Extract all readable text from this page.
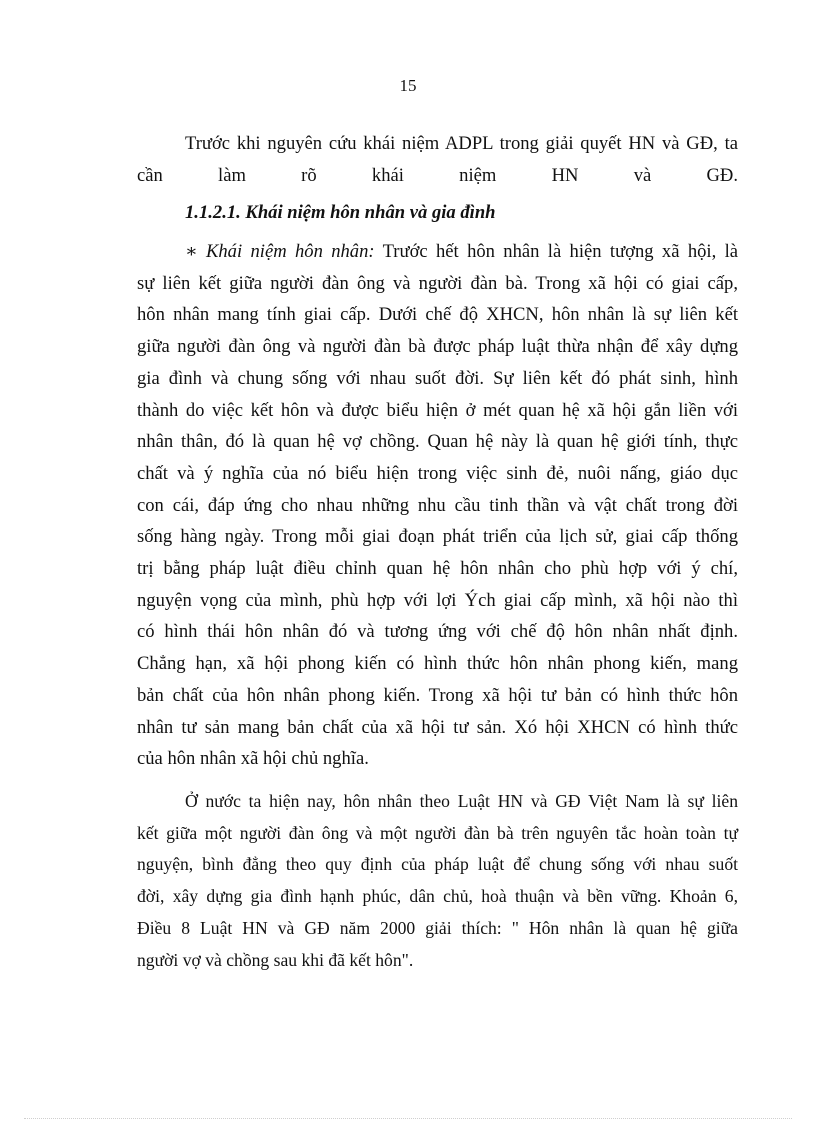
15
Trước khi nguyên cứu khái niệm ADPL trong giải quyết HN và GĐ, ta
cần làm rõ khái niệm HN và GĐ.
1.1.2.1. Khái niệm hôn nhân và gia đình
∗ Khái niệm hôn nhân: Trước hết hôn nhân là hiện tượng xã hội, là
sự liên kết giữa người đàn ông và người đàn bà. Trong xã hội có giai cấp,
hôn nhân mang tính giai cấp. Dưới chế độ XHCN, hôn nhân là sự liên kết
giữa người đàn ông và người đàn bà được pháp luật thừa nhận để xây dựng
gia đình và chung sống với nhau suốt đời. Sự liên kết đó phát sinh, hình
thành do việc kết hôn và được biểu hiện ở mét quan hệ xã hội gắn liền với
nhân thân, đó là quan hệ vợ chồng. Quan hệ này là quan hệ giới tính, thực
chất và ý nghĩa của nó biểu hiện trong việc sinh đẻ, nuôi nấng, giáo dục
con cái, đáp ứng cho nhau những nhu cầu tinh thần và vật chất trong đời
sống hàng ngày. Trong mỗi giai đoạn phát triển của lịch sử, giai cấp thống
trị bằng pháp luật điều chỉnh quan hệ hôn nhân cho phù hợp với ý chí,
nguyện vọng của mình, phù hợp với lợi Ých giai cấp mình, xã hội nào thì
có hình thái hôn nhân đó và tương ứng với chế độ hôn nhân nhất định.
Chẳng hạn, xã hội phong kiến có hình thức hôn nhân phong kiến, mang
bản chất của hôn nhân phong kiến. Trong xã hội tư bản có hình thức hôn
nhân tư sản mang bản chất của xã hội tư sản. Xó hội XHCN có hình thức
của hôn nhân xã hội chủ nghĩa.
Ở nước ta hiện nay, hôn nhân theo Luật HN và GĐ Việt Nam là sự liên
kết giữa một người đàn ông và một người đàn bà trên nguyên tắc hoàn toàn tự
nguyện, bình đẳng theo quy định của pháp luật để chung sống với nhau suốt
đời, xây dựng gia đình hạnh phúc, dân chủ, hoà thuận và bền vững. Khoản 6,
Điều 8 Luật HN và GĐ năm 2000 giải thích: " Hôn nhân là quan hệ giữa
người vợ và chồng sau khi đã kết hôn".
